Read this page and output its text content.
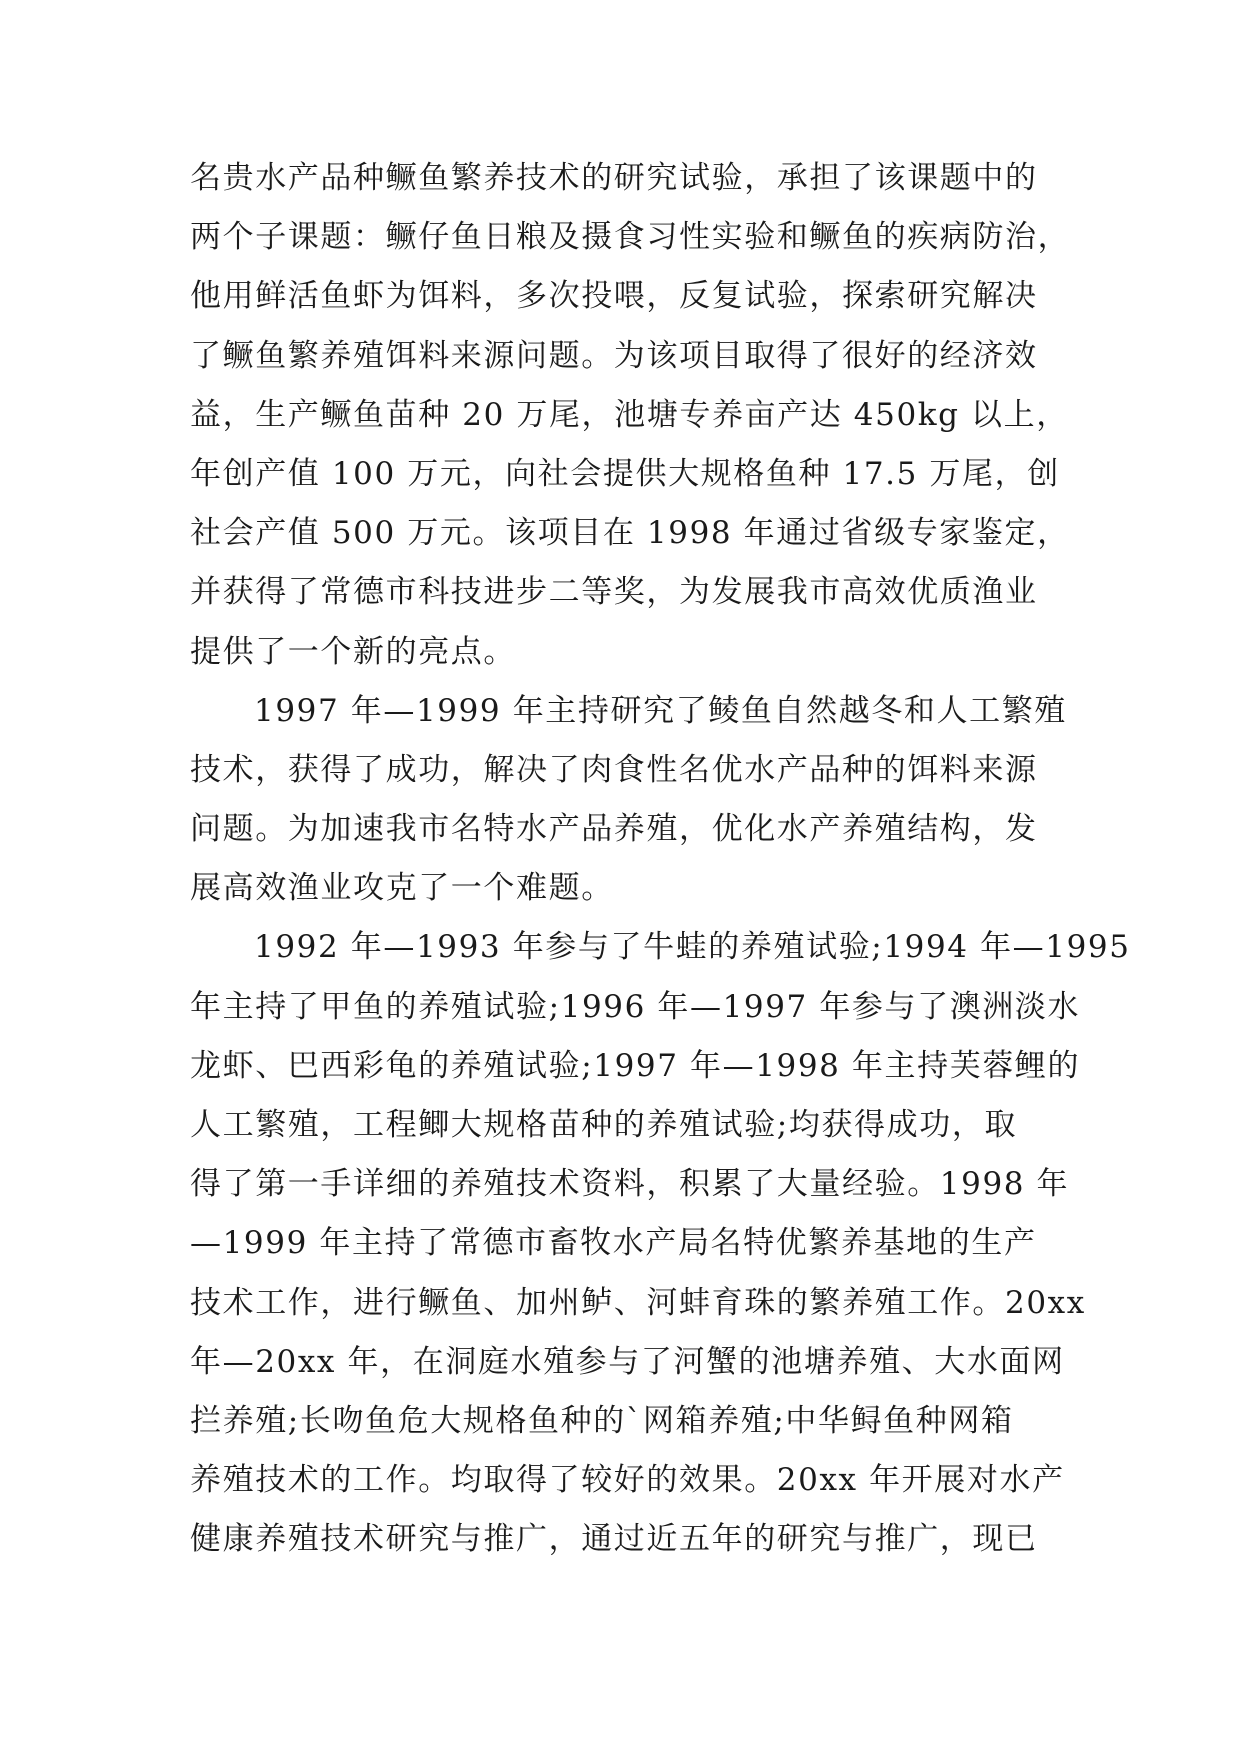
名贵水产品种鳜鱼繁养技术的研究试验，承担了该课题中的
两个子课题：鳜仔鱼日粮及摄食习性实验和鳜鱼的疾病防治，
他用鲜活鱼虾为饵料，多次投喂，反复试验，探索研究解决
了鳜鱼繁养殖饵料来源问题。为该项目取得了很好的经济效
益，生产鳜鱼苗种 20 万尾，池塘专养亩产达 450kg 以上，
年创产值 100 万元，向社会提供大规格鱼种 17.5 万尾，创
社会产值 500 万元。该项目在 1998 年通过省级专家鉴定，
并获得了常德市科技进步二等奖，为发展我市高效优质渔业
提供了一个新的亮点。
1997 年—1999 年主持研究了鲮鱼自然越冬和人工繁殖
技术，获得了成功，解决了肉食性名优水产品种的饵料来源
问题。为加速我市名特水产品养殖，优化水产养殖结构，发
展高效渔业攻克了一个难题。
1992 年—1993 年参与了牛蛙的养殖试验;1994 年—1995
年主持了甲鱼的养殖试验;1996 年—1997 年参与了澳洲淡水
龙虾、巴西彩龟的养殖试验;1997 年—1998 年主持芙蓉鲤的
人工繁殖，工程鲫大规格苗种的养殖试验;均获得成功，取
得了第一手详细的养殖技术资料，积累了大量经验。1998 年
—1999 年主持了常德市畜牧水产局名特优繁养基地的生产
技术工作，进行鳜鱼、加州鲈、河蚌育珠的繁养殖工作。20xx
年—20xx 年，在洞庭水殖参与了河蟹的池塘养殖、大水面网
拦养殖;长吻鱼危大规格鱼种的`网箱养殖;中华鲟鱼种网箱
养殖技术的工作。均取得了较好的效果。20xx 年开展对水产
健康养殖技术研究与推广，通过近五年的研究与推广，现已
